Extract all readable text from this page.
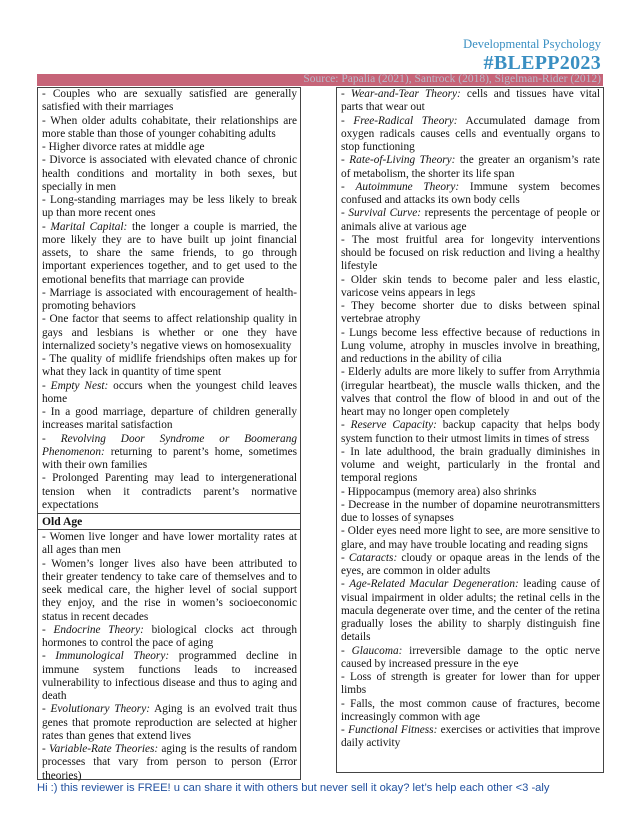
Developmental Psychology
#BLEPP2023
Source: Papalia (2021), Santrock (2018), Sigelman-Rider (2012)

- Couples who are sexually satisfied are generally satisfied with their marriages

- When older adults cohabitate, their relationships are more stable than those of younger cohabiting adults

- Higher divorce rates at middle age

- Divorce is associated with elevated chance of chronic health conditions and mortality in both sexes, but specially in men

- Long-standing marriages may be less likely to break up than more recent ones

- Marital Capital: the longer a couple is married, the more likely they are to have built up joint financial assets, to share the same friends, to go through important experiences together, and to get used to the emotional benefits that marriage can provide

- Marriage is associated with encouragement of health-promoting behaviors

- One factor that seems to affect relationship quality in gays and lesbians is whether or one they have internalized society’s negative views on homosexuality

- The quality of midlife friendships often makes up for what they lack in quantity of time spent

- Empty Nest: occurs when the youngest child leaves home

- In a good marriage, departure of children generally increases marital satisfaction

- Revolving Door Syndrome or Boomerang Phenomenon: returning to parent’s home, sometimes with their own families

- Prolonged Parenting may lead to intergenerational tension when it contradicts parent’s normative expectations

Old Age

- Women live longer and have lower mortality rates at all ages than men

- Women’s longer lives also have been attributed to their greater tendency to take care of themselves and to seek medical care, the higher level of social support they enjoy, and the rise in women’s socioeconomic status in recent decades

- Endocrine Theory: biological clocks act through hormones to control the pace of aging

- Immunological Theory: programmed decline in immune system functions leads to increased vulnerability to infectious disease and thus to aging and death

- Evolutionary Theory: Aging is an evolved trait thus genes that promote reproduction are selected at higher rates than genes that extend lives

- Variable-Rate Theories: aging is the results of random processes that vary from person to person (Error theories)

- Wear-and-Tear Theory: cells and tissues have vital parts that wear out

- Free-Radical Theory: Accumulated damage from oxygen radicals causes cells and eventually organs to stop functioning

- Rate-of-Living Theory: the greater an organism’s rate of metabolism, the shorter its life span

- Autoimmune Theory: Immune system becomes confused and attacks its own body cells

- Survival Curve: represents the percentage of people or animals alive at various age

- The most fruitful area for longevity interventions should be focused on risk reduction and living a healthy lifestyle

- Older skin tends to become paler and less elastic, varicose veins appears in legs

- They become shorter due to disks between spinal vertebrae atrophy

- Lungs become less effective because of reductions in Lung volume, atrophy in muscles involve in breathing, and reductions in the ability of cilia

- Elderly adults are more likely to suffer from Arrythmia (irregular heartbeat), the muscle walls thicken, and the valves that control the flow of blood in and out of the heart may no longer open completely

- Reserve Capacity: backup capacity that helps body system function to their utmost limits in times of stress

- In late adulthood, the brain gradually diminishes in volume and weight, particularly in the frontal and temporal regions

- Hippocampus (memory area) also shrinks

- Decrease in the number of dopamine neurotransmitters due to losses of synapses

- Older eyes need more light to see, are more sensitive to glare, and may have trouble locating and reading signs

- Cataracts: cloudy or opaque areas in the lends of the eyes, are common in older adults

- Age-Related Macular Degeneration: leading cause of visual impairment in older adults; the retinal cells in the macula degenerate over time, and the center of the retina gradually loses the ability to sharply distinguish fine details

- Glaucoma: irreversible damage to the optic nerve caused by increased pressure in the eye

- Loss of strength is greater for lower than for upper limbs

- Falls, the most common cause of fractures, become increasingly common with age

- Functional Fitness: exercises or activities that improve daily activity

Hi :) this reviewer is FREE! u can share it with others but never sell it okay? let’s help each other <3 -aly
